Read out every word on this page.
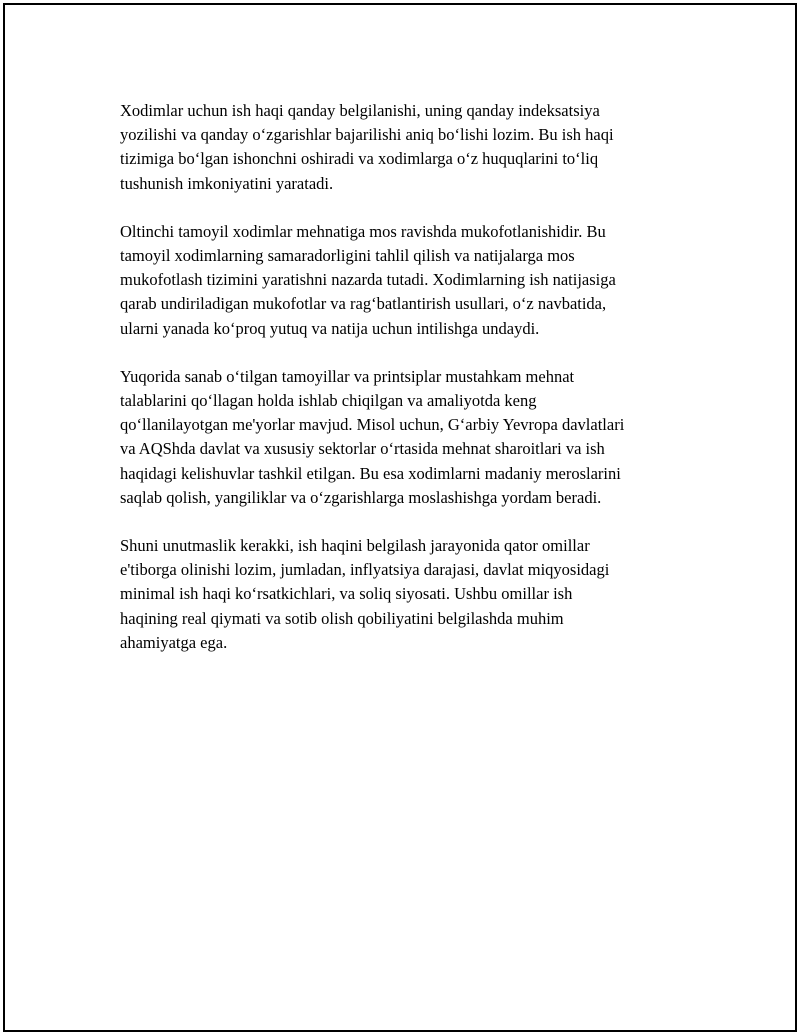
Xodimlar uchun ish haqi qanday belgilanishi, uning qanday indeksatsiya
yozilishi va qanday o‘zgarishlar bajarilishi aniq bo‘lishi lozim. Bu ish haqi
tizimiga bo‘lgan ishonchni oshiradi va xodimlarga o‘z huquqlarini to‘liq
tushunish imkoniyatini yaratadi.

Oltinchi tamoyil xodimlar mehnatiga mos ravishda mukofotlanishidir. Bu
tamoyil xodimlarning samaradorligini tahlil qilish va natijalarga mos
mukofotlash tizimini yaratishni nazarda tutadi. Xodimlarning ish natijasiga
qarab undiriladigan mukofotlar va rag‘batlantirish usullari, o‘z navbatida,
ularni yanada ko‘proq yutuq va natija uchun intilishga undaydi.

Yuqorida sanab o‘tilgan tamoyillar va printsiplar mustahkam mehnat
talablarini qo‘llagan holda ishlab chiqilgan va amaliyotda keng
qo‘llanilayotgan me'yorlar mavjud. Misol uchun, G‘arbiy Yevropa davlatlari
va AQShda davlat va xususiy sektorlar o‘rtasida mehnat sharoitlari va ish
haqidagi kelishuvlar tashkil etilgan. Bu esa xodimlarni madaniy meroslarini
saqlab qolish, yangiliklar va o‘zgarishlarga moslashishga yordam beradi.

Shuni unutmaslik kerakki, ish haqini belgilash jarayonida qator omillar
e'tiborga olinishi lozim, jumladan, inflyatsiya darajasi, davlat miqyosidagi
minimal ish haqi ko‘rsatkichlari, va soliq siyosati. Ushbu omillar ish
haqining real qiymati va sotib olish qobiliyatini belgilashda muhim
ahamiyatga ega.
